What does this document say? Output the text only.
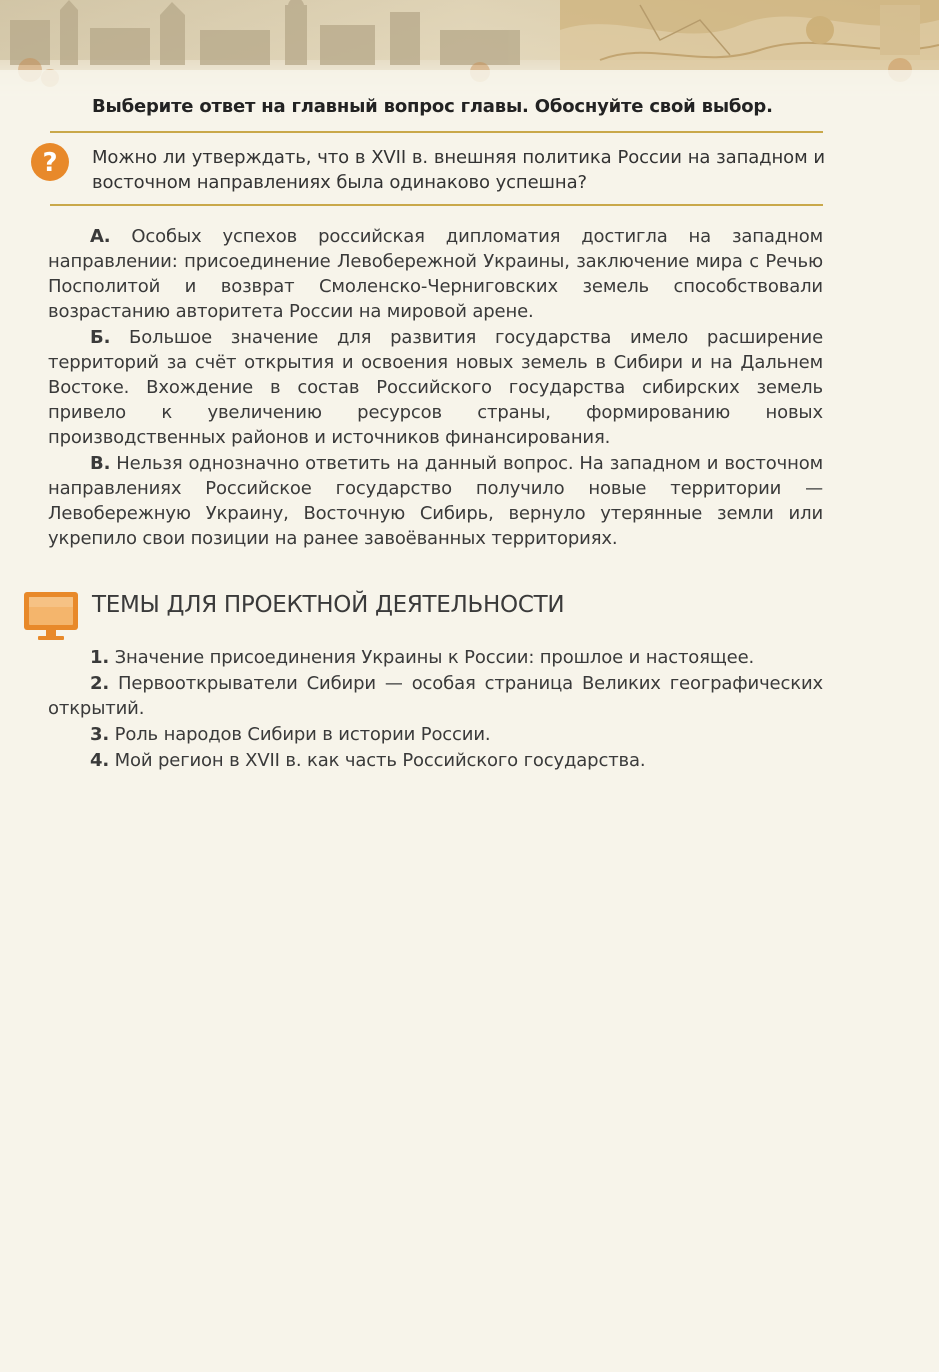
Выберите ответ на главный вопрос главы. Обоснуйте свой выбор.
? Можно ли утверждать, что в XVII в. внешняя политика России на западном и восточном направлениях была одинаково успешна?

А. Особых успехов российская дипломатия достигла на западном направлении: присоединение Левобережной Украины, заключение мира с Речью Посполитой и возврат Смоленско-Черниговских земель способствовали возрастанию авторитета России на мировой арене.

Б. Большое значение для развития государства имело расширение территорий за счёт открытия и освоения новых земель в Сибири и на Дальнем Востоке. Вхождение в состав Российского государства сибирских земель привело к увеличению ресурсов страны, формированию новых производственных районов и источников финансирования.

В. Нельзя однозначно ответить на данный вопрос. На западном и восточном направлениях Российское государство получило новые территории — Левобережную Украину, Восточную Сибирь, вернуло утерянные земли или укрепило свои позиции на ранее завоёванных территориях.

ТЕМЫ ДЛЯ ПРОЕКТНОЙ ДЕЯТЕЛЬНОСТИ

1. Значение присоединения Украины к России: прошлое и настоящее.

2. Первооткрыватели Сибири — особая страница Великих географических открытий.

3. Роль народов Сибири в истории России.

4. Мой регион в XVII в. как часть Российского государства.
